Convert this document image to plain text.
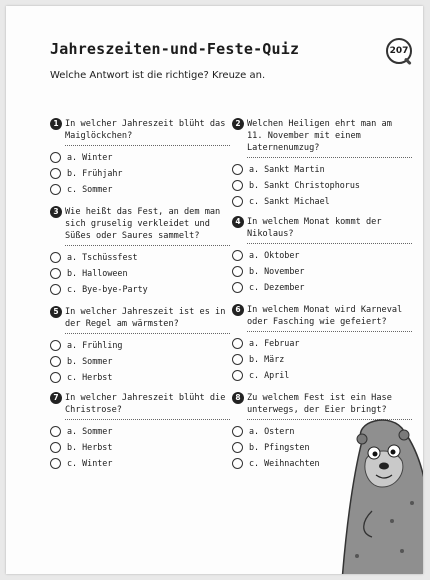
Jahreszeiten-und-Feste-Quiz
Welche Antwort ist die richtige? Kreuze an.
207
1 In welcher Jahreszeit blüht das Maiglöckchen?
a. Winter
b. Frühjahr
c. Sommer
2 Welchen Heiligen ehrt man am 11. November mit einem Laternenumzug?
a. Sankt Martin
b. Sankt Christophorus
c. Sankt Michael
3 Wie heißt das Fest, an dem man sich gruselig verkleidet und Süßes oder Saures sammelt?
a. Tschüssfest
b. Halloween
c. Bye-bye-Party
4 In welchem Monat kommt der Nikolaus?
a. Oktober
b. November
c. Dezember
5 In welcher Jahreszeit ist es in der Regel am wärmsten?
a. Frühling
b. Sommer
c. Herbst
6 In welchem Monat wird Karneval oder Fasching wie gefeiert?
a. Februar
b. März
c. April
7 In welcher Jahreszeit blüht die Christrose?
a. Sommer
b. Herbst
c. Winter
8 Zu welchem Fest ist ein Hase unterwegs, der Eier bringt?
a. Ostern
b. Pfingsten
c. Weihnachten
